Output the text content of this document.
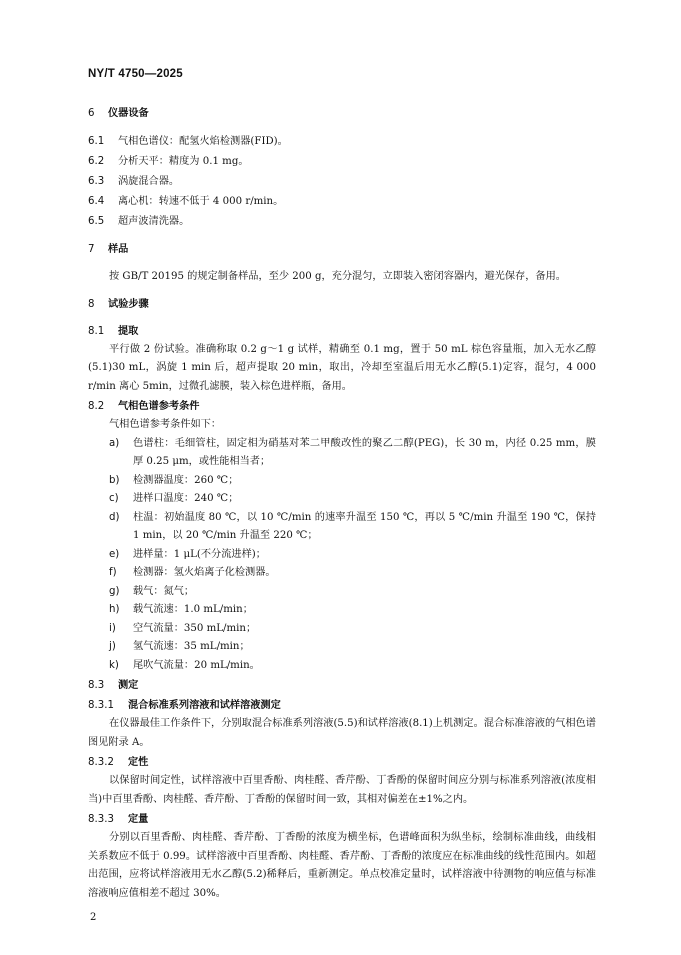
NY/T 4750—2025
6 仪器设备
6.1 气相色谱仪：配氢火焰检测器(FID)。
6.2 分析天平：精度为 0.1 mg。
6.3 涡旋混合器。
6.4 离心机：转速不低于 4 000 r/min。
6.5 超声波清洗器。
7 样品
按 GB/T 20195 的规定制备样品，至少 200 g，充分混匀，立即装入密闭容器内，避光保存，备用。
8 试验步骤
8.1 提取
平行做 2 份试验。准确称取 0.2 g～1 g 试样，精确至 0.1 mg，置于 50 mL 棕色容量瓶，加入无水乙醇(5.1)30 mL，涡旋 1 min 后，超声提取 20 min，取出，冷却至室温后用无水乙醇(5.1)定容，混匀，4 000 r/min 离心 5min，过微孔滤膜，装入棕色进样瓶，备用。
8.2 气相色谱参考条件
气相色谱参考条件如下：
a)	色谱柱：毛细管柱，固定相为硝基对苯二甲酸改性的聚乙二醇(PEG)，长 30 m，内径 0.25 mm，膜厚 0.25 μm，或性能相当者；
b)	检测器温度：260 ℃；
c)	进样口温度：240 ℃；
d)	柱温：初始温度 80 ℃，以 10 ℃/min 的速率升温至 150 ℃，再以 5 ℃/min 升温至 190 ℃，保持 1 min，以 20 ℃/min 升温至 220 ℃；
e)	进样量：1 μL(不分流进样)；
f)	检测器：氢火焰离子化检测器。
g)	载气：氮气；
h)	载气流速：1.0 mL/min；
i)	空气流量：350 mL/min；
j)	氢气流速：35 mL/min；
k)	尾吹气流量：20 mL/min。
8.3 测定
8.3.1 混合标准系列溶液和试样溶液测定
在仪器最佳工作条件下，分别取混合标准系列溶液(5.5)和试样溶液(8.1)上机测定。混合标准溶液的气相色谱图见附录 A。
8.3.2 定性
以保留时间定性，试样溶液中百里香酚、肉桂醛、香芹酚、丁香酚的保留时间应分别与标准系列溶液(浓度相当)中百里香酚、肉桂醛、香芹酚、丁香酚的保留时间一致，其相对偏差在±1%之内。
8.3.3 定量
分别以百里香酚、肉桂醛、香芹酚、丁香酚的浓度为横坐标，色谱峰面积为纵坐标，绘制标准曲线，曲线相关系数应不低于 0.99。试样溶液中百里香酚、肉桂醛、香芹酚、丁香酚的浓度应在标准曲线的线性范围内。如超出范围，应将试样溶液用无水乙醇(5.2)稀释后，重新测定。单点校准定量时，试样溶液中待测物的响应值与标准溶液响应值相差不超过 30%。
2
